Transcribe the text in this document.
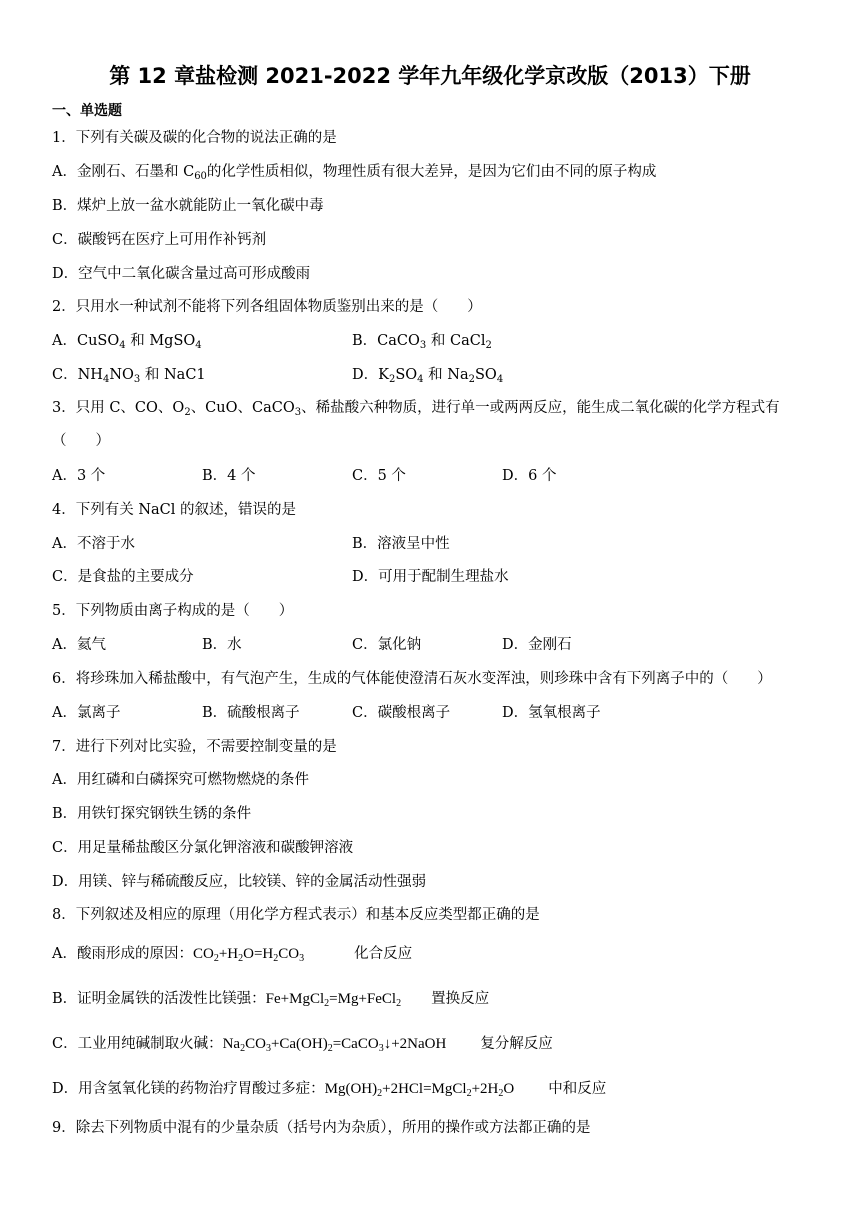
第 12 章盐检测 2021-2022 学年九年级化学京改版（2013）下册
一、单选题
1．下列有关碳及碳的化合物的说法正确的是
A．金刚石、石墨和 $C_{60}$的化学性质相似，物理性质有很大差异，是因为它们由不同的原子构成
B．煤炉上放一盆水就能防止一氧化碳中毒
C．碳酸钙在医疗上可用作补钙剂
D．空气中二氧化碳含量过高可形成酸雨
2．只用水一种试剂不能将下列各组固体物质鉴别出来的是（　　）
A．CuSO$_4$ 和 MgSO$_4$	B．CaCO$_3$ 和 CaCl$_2$
C．$NH_4NO_3$ 和 NaC1	D．$K_2SO_4$ 和 $Na_2SO_4$
3．只用 C、CO、$O_2$、CuO、CaCO$_3$、稀盐酸六种物质，进行单一或两两反应，能生成二氧化碳的化学方程式有
（　　）
A．3 个	B．4 个	C．5 个	D．6 个
4．下列有关 NaCl 的叙述，错误的是
A．不溶于水	B．溶液呈中性
C．是食盐的主要成分	D．可用于配制生理盐水
5．下列物质由离子构成的是（　　）
A．氦气	B．水	C．氯化钠	D．金刚石
6．将珍珠加入稀盐酸中，有气泡产生，生成的气体能使澄清石灰水变浑浊，则珍珠中含有下列离子中的（　　）
A．氯离子	B．硫酸根离子	C．碳酸根离子	D．氢氧根离子
7．进行下列对比实验，不需要控制变量的是
A．用红磷和白磷探究可燃物燃烧的条件
B．用铁钉探究钢铁生锈的条件
C．用足量稀盐酸区分氯化钾溶液和碳酸钾溶液
D．用镁、锌与稀硫酸反应，比较镁、锌的金属活动性强弱
8．下列叙述及相应的原理（用化学方程式表示）和基本反应类型都正确的是
A．酸雨形成的原因：$CO_2+H_2O=H_2CO_3$	化合反应
B．证明金属铁的活泼性比镁强：Fe+MgCl$_2$=Mg+FeCl$_2$ 置换反应
C．工业用纯碱制取火碱：$Na_2CO_3+Ca(OH)_2=CaCO_3↓+2NaOH$ 复分解反应
D．用含氢氧化镁的药物治疗胃酸过多症：$Mg(OH)_2+2HCl=MgCl_2+2H_2O$ 中和反应
9．除去下列物质中混有的少量杂质（括号内为杂质），所用的操作或方法都正确的是
